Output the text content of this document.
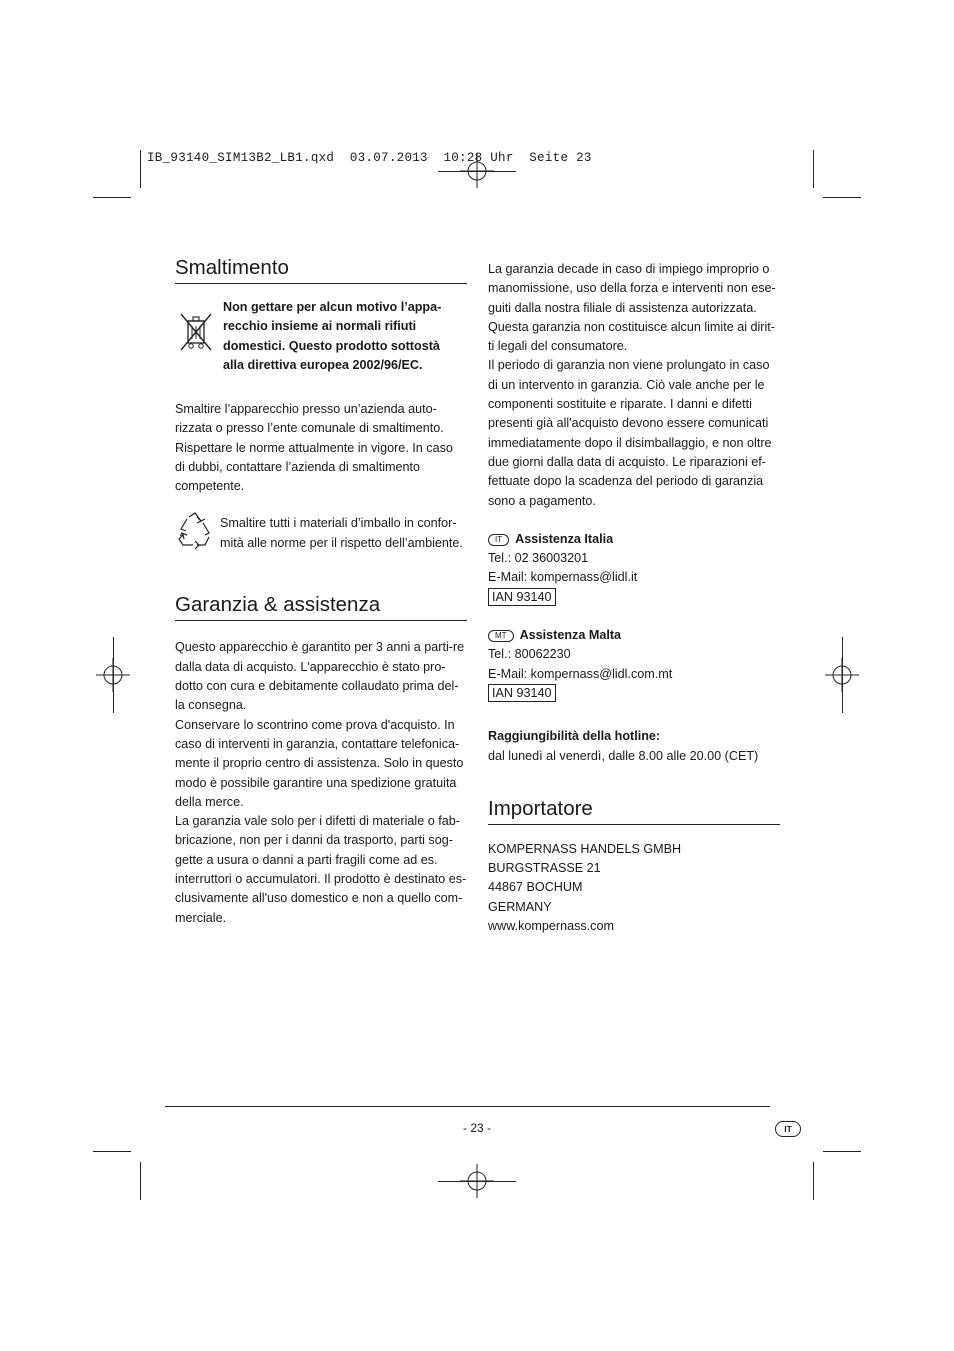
IB_93140_SIM13B2_LB1.qxd  03.07.2013  10:28 Uhr  Seite 23
Smaltimento

Non gettare per alcun motivo l’appa-recchio insieme ai normali rifiuti domestici. Questo prodotto sottostà alla direttiva europea 2002/96/EC.

Smaltire l’apparecchio presso un’azienda auto-rizzata o presso l’ente comunale di smaltimento. Rispettare le norme attualmente in vigore. In caso di dubbi, contattare l’azienda di smaltimento competente.

Smaltire tutti i materiali d’imballo in confor-mità alle norme per il rispetto dell’ambiente.

Garanzia & assistenza

Questo apparecchio è garantito per 3 anni a parti-re dalla data di acquisto. L'apparecchio è stato pro-dotto con cura e debitamente collaudato prima del-la consegna.

Conservare lo scontrino come prova d'acquisto. In caso di interventi in garanzia, contattare telefonica-mente il proprio centro di assistenza. Solo in questo modo è possibile garantire una spedizione gratuita della merce.

La garanzia vale solo per i difetti di materiale o fab-bricazione, non per i danni da trasporto, parti sog-gette a usura o danni a parti fragili come ad es. interruttori o accumulatori. Il prodotto è destinato es-clusivamente all'uso domestico e non a quello com-merciale.

La garanzia decade in caso di impiego improprio o manomissione, uso della forza e interventi non ese-guiti dalla nostra filiale di assistenza autorizzata.

Questa garanzia non costituisce alcun limite ai dirit-ti legali del consumatore.

Il periodo di garanzia non viene prolungato in caso di un intervento in garanzia. Ciò vale anche per le componenti sostituite e riparate. I danni e difetti presenti già all'acquisto devono essere comunicati immediatamente dopo il disimballaggio, e non oltre due giorni dalla data di acquisto. Le riparazioni ef-fettuate dopo la scadenza del periodo di garanzia sono a pagamento.

IT Assistenza Italia

Tel.: 02 36003201

E-Mail: kompernass@lidl.it

IAN 93140

MT Assistenza Malta

Tel.: 80062230

E-Mail: kompernass@lidl.com.mt

IAN 93140

Raggiungibilità della hotline:

dal lunedì al venerdì, dalle 8.00 alle 20.00 (CET)

Importatore

KOMPERNASS HANDELS GMBH

BURGSTRASSE 21

44867 BOCHUM

GERMANY

www.kompernass.com

- 23 -	IT
